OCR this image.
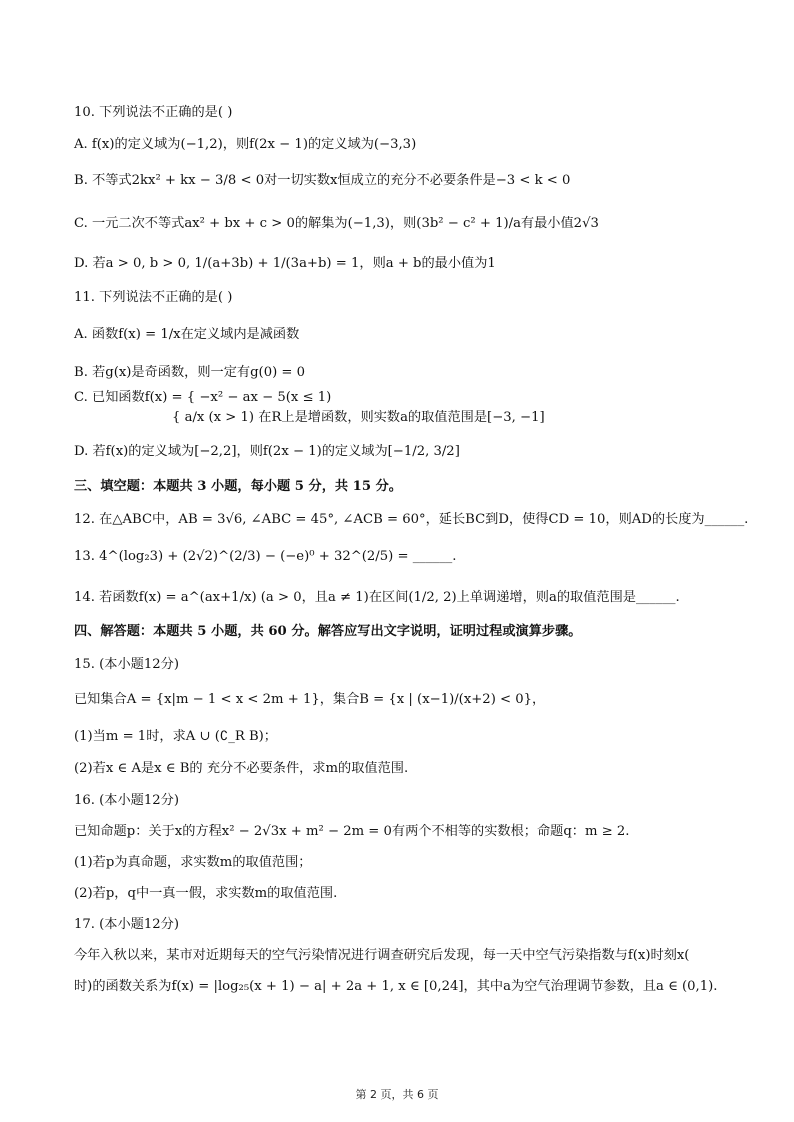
10. 下列说法不正确的是( )
A. f(x)的定义域为(−1,2)，则f(2x − 1)的定义域为(−3,3)
B. 不等式2kx² + kx − 3/8 < 0对一切实数x恒成立的充分不必要条件是−3 < k < 0
C. 一元二次不等式ax² + bx + c > 0的解集为(−1,3)，则(3b² − c² + 1)/a有最小值2√3
D. 若a > 0, b > 0, 1/(a+3b) + 1/(3a+b) = 1，则a + b的最小值为1
11. 下列说法不正确的是( )
A. 函数f(x) = 1/x在定义域内是减函数
B. 若g(x)是奇函数，则一定有g(0) = 0
C. 已知函数f(x) = { −x² − ax − 5(x ≤ 1)
{ a/x (x > 1) 在R上是增函数，则实数a的取值范围是[−3, −1]
D. 若f(x)的定义域为[−2,2]，则f(2x − 1)的定义域为[−1/2, 3/2]
三、填空题：本题共 3 小题，每小题 5 分，共 15 分。
12. 在△ABC中，AB = 3√6, ∠ABC = 45°, ∠ACB = 60°，延长BC到D，使得CD = 10，则AD的长度为______.
13. 4^(log₂3) + (2√2)^(2/3) − (−e)⁰ + 32^(2/5) = ______.
14. 若函数f(x) = a^(ax+1/x) (a > 0，且a ≠ 1)在区间(1/2, 2)上单调递增，则a的取值范围是______.
四、解答题：本题共 5 小题，共 60 分。解答应写出文字说明，证明过程或演算步骤。
15. (本小题12分)
已知集合A = {x|m − 1 < x < 2m + 1}，集合B = {x | (x−1)/(x+2) < 0}，
(1)当m = 1时，求A ∪ (∁_R B)；
(2)若x ∈ A是x ∈ B的 充分不必要条件，求m的取值范围.
16. (本小题12分)
已知命题p：关于x的方程x² − 2√3x + m² − 2m = 0有两个不相等的实数根；命题q：m ≥ 2.
(1)若p为真命题，求实数m的取值范围；
(2)若p，q中一真一假，求实数m的取值范围.
17. (本小题12分)
今年入秋以来，某市对近期每天的空气污染情况进行调查研究后发现，每一天中空气污染指数与f(x)时刻x(
时)的函数关系为f(x) = |log₂₅(x + 1) − a| + 2a + 1, x ∈ [0,24]，其中a为空气治理调节参数，且a ∈ (0,1).
第 2 页，共 6 页
